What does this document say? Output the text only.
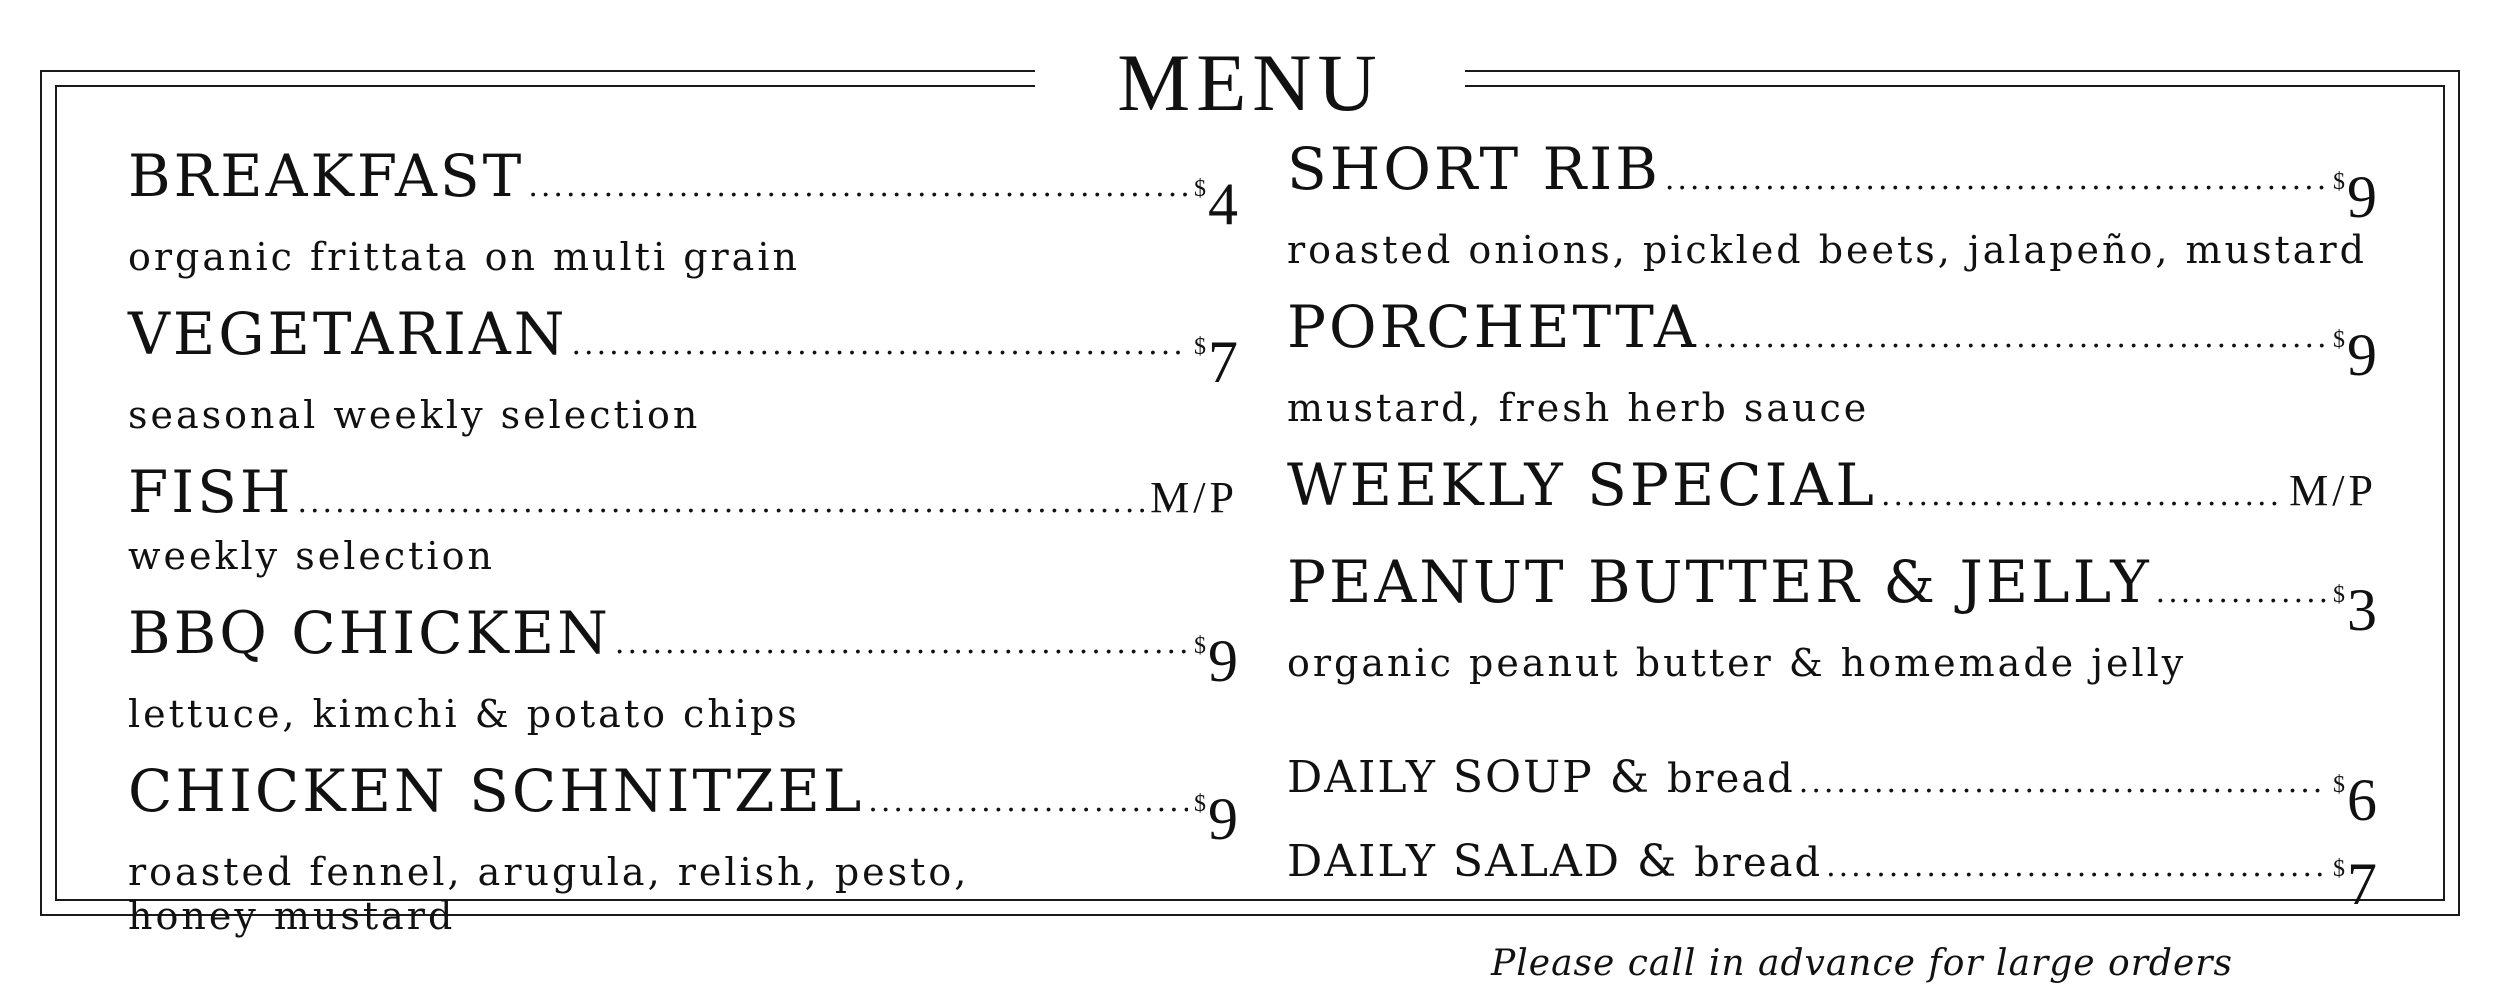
MENU
BREAKFAST .....	$ 4
organic frittata on multi grain
VEGETARIAN .....	$ 7
seasonal weekly selection
FISH .....	M/P
weekly selection
BBQ CHICKEN .....	$ 9
lettuce, kimchi & potato chips
CHICKEN SCHNITZEL .....	$ 9
roasted fennel, arugula, relish, pesto,
honey mustard
SHORT RIB .....	$ 9
roasted onions, pickled beets, jalapeño, mustard
PORCHETTA .....	$ 9
mustard, fresh herb sauce
WEEKLY SPECIAL .....	M/P
PEANUT BUTTER & JELLY .....	$ 3
organic peanut butter & homemade jelly
DAILY SOUP & bread .....	$ 6
DAILY SALAD & bread .....	$ 7
Please call in advance for large orders
